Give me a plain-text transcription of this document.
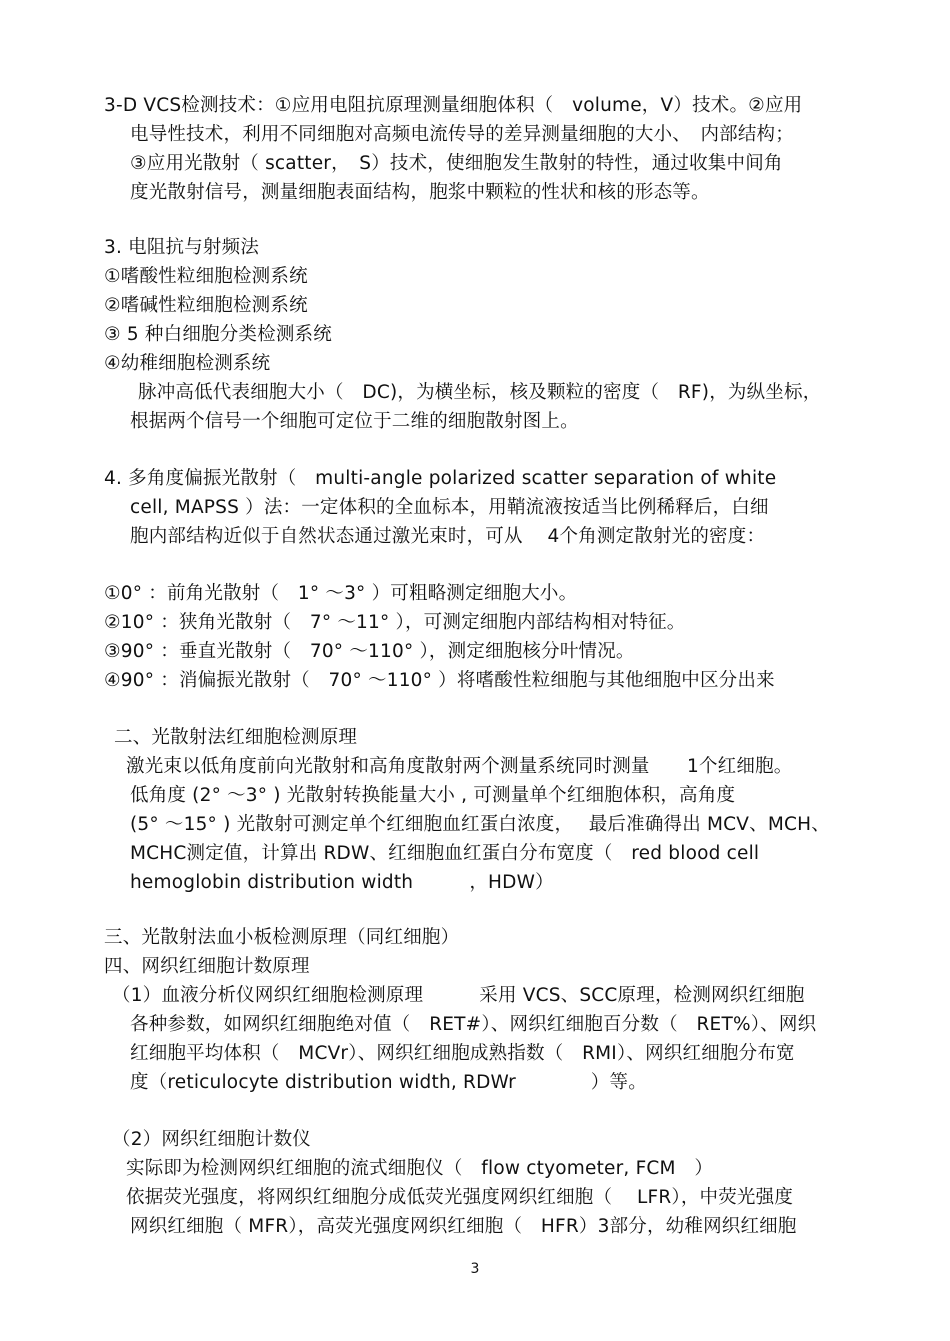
3-D VCS检测技术：①应用电阻抗原理测量细胞体积（　volume，V）技术。②应用
电导性技术，利用不同细胞对高频电流传导的差异测量细胞的大小、　内部结构；
③应用光散射（ scatter，　S）技术，使细胞发生散射的特性，通过收集中间角
度光散射信号，测量细胞表面结构，胞浆中颗粒的性状和核的形态等。
3. 电阻抗与射频法
①嗜酸性粒细胞检测系统
②嗜碱性粒细胞检测系统
③ 5 种白细胞分类检测系统
④幼稚细胞检测系统
脉冲高低代表细胞大小（　DC)，为横坐标，核及颗粒的密度（　RF)，为纵坐标，
根据两个信号一个细胞可定位于二维的细胞散射图上。
4. 多角度偏振光散射（　multi-angle polarized scatter separation of white
cell, MAPSS ）法：一定体积的全血标本，用鞘流液按适当比例稀释后，白细
胞内部结构近似于自然状态通过激光束时，可从　 4个角测定散射光的密度：
①0° ：前角光散射（　1° ～3° ）可粗略测定细胞大小。
②10° ：狭角光散射（　7° ～11° ），可测定细胞内部结构相对特征。
③90° ：垂直光散射（　70° ～110° ），测定细胞核分叶情况。
④90° ：消偏振光散射（　70° ～110° ）将嗜酸性粒细胞与其他细胞中区分出来
二、光散射法红细胞检测原理
激光束以低角度前向光散射和高角度散射两个测量系统同时测量　　1个红细胞。
低角度 (2° ～3° ) 光散射转换能量大小 , 可测量单个红细胞体积，高角度
(5° ～15° ) 光散射可测定单个红细胞血红蛋白浓度，　 最后准确得出 MCV、MCH、
MCHC测定值，计算出 RDW、红细胞血红蛋白分布宽度（　red blood cell
hemoglobin distribution width　　　，HDW）
三、光散射法血小板检测原理（同红细胞）
四、网织红细胞计数原理
（1）血液分析仪网织红细胞检测原理　　　采用 VCS、SCC原理，检测网织红细胞
各种参数，如网织红细胞绝对值（　RET#）、网织红细胞百分数（　RET%）、网织
红细胞平均体积（　MCVr）、网织红细胞成熟指数（　RMI）、网织红细胞分布宽
度（reticulocyte distribution width, RDWr　　　　）等。
（2）网织红细胞计数仪
实际即为检测网织红细胞的流式细胞仪（　flow ctyometer, FCM　）
依据荧光强度，将网织红细胞分成低荧光强度网织红细胞（　 LFR），中荧光强度
网织红细胞（ MFR），高荧光强度网织红细胞（　HFR）3部分，幼稚网织红细胞
3
